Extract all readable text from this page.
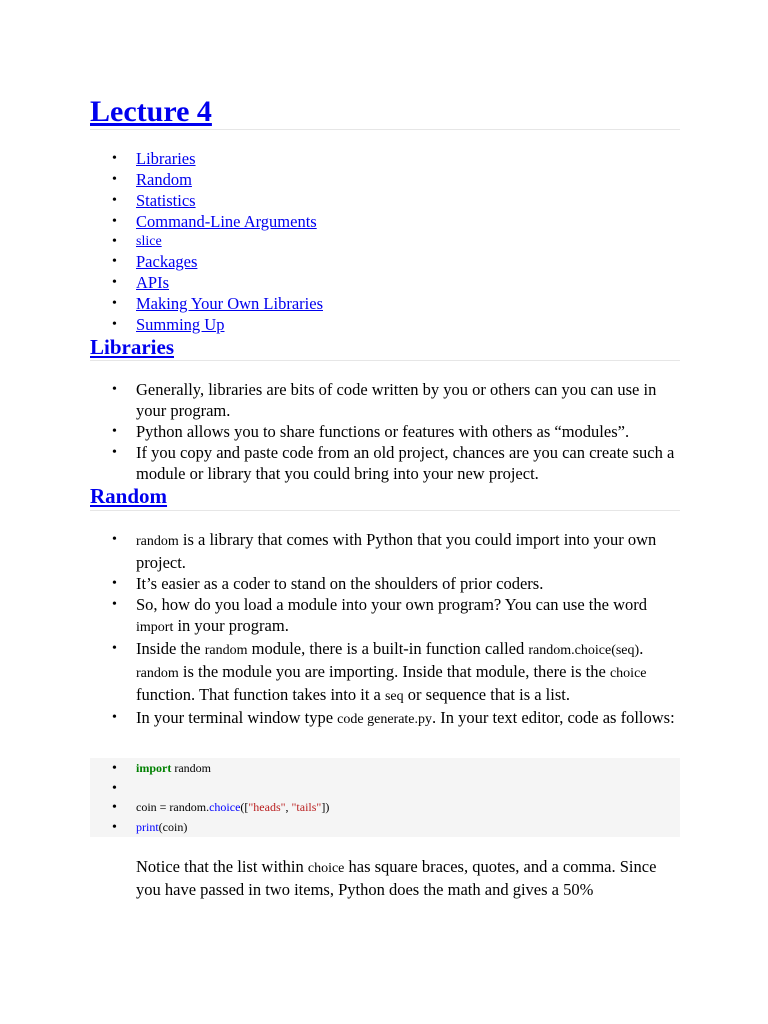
Lecture 4
• Libraries
• Random
• Statistics
• Command-Line Arguments
• slice
• Packages
• APIs
• Making Your Own Libraries
• Summing Up
Libraries
• Generally, libraries are bits of code written by you or others can you can use in your program.
• Python allows you to share functions or features with others as “modules”.
• If you copy and paste code from an old project, chances are you can create such a module or library that you could bring into your new project.
Random
• random is a library that comes with Python that you could import into your own project.
• It’s easier as a coder to stand on the shoulders of prior coders.
• So, how do you load a module into your own program? You can use the word import in your program.
• Inside the random module, there is a built-in function called random.choice(seq). random is the module you are importing. Inside that module, there is the choice function. That function takes into it a seq or sequence that is a list.
• In your terminal window type code generate.py. In your text editor, code as follows:
• import random
•
• coin = random.choice(["heads", "tails"])
• print(coin)

Notice that the list within choice has square braces, quotes, and a comma. Since you have passed in two items, Python does the math and gives a 50%
